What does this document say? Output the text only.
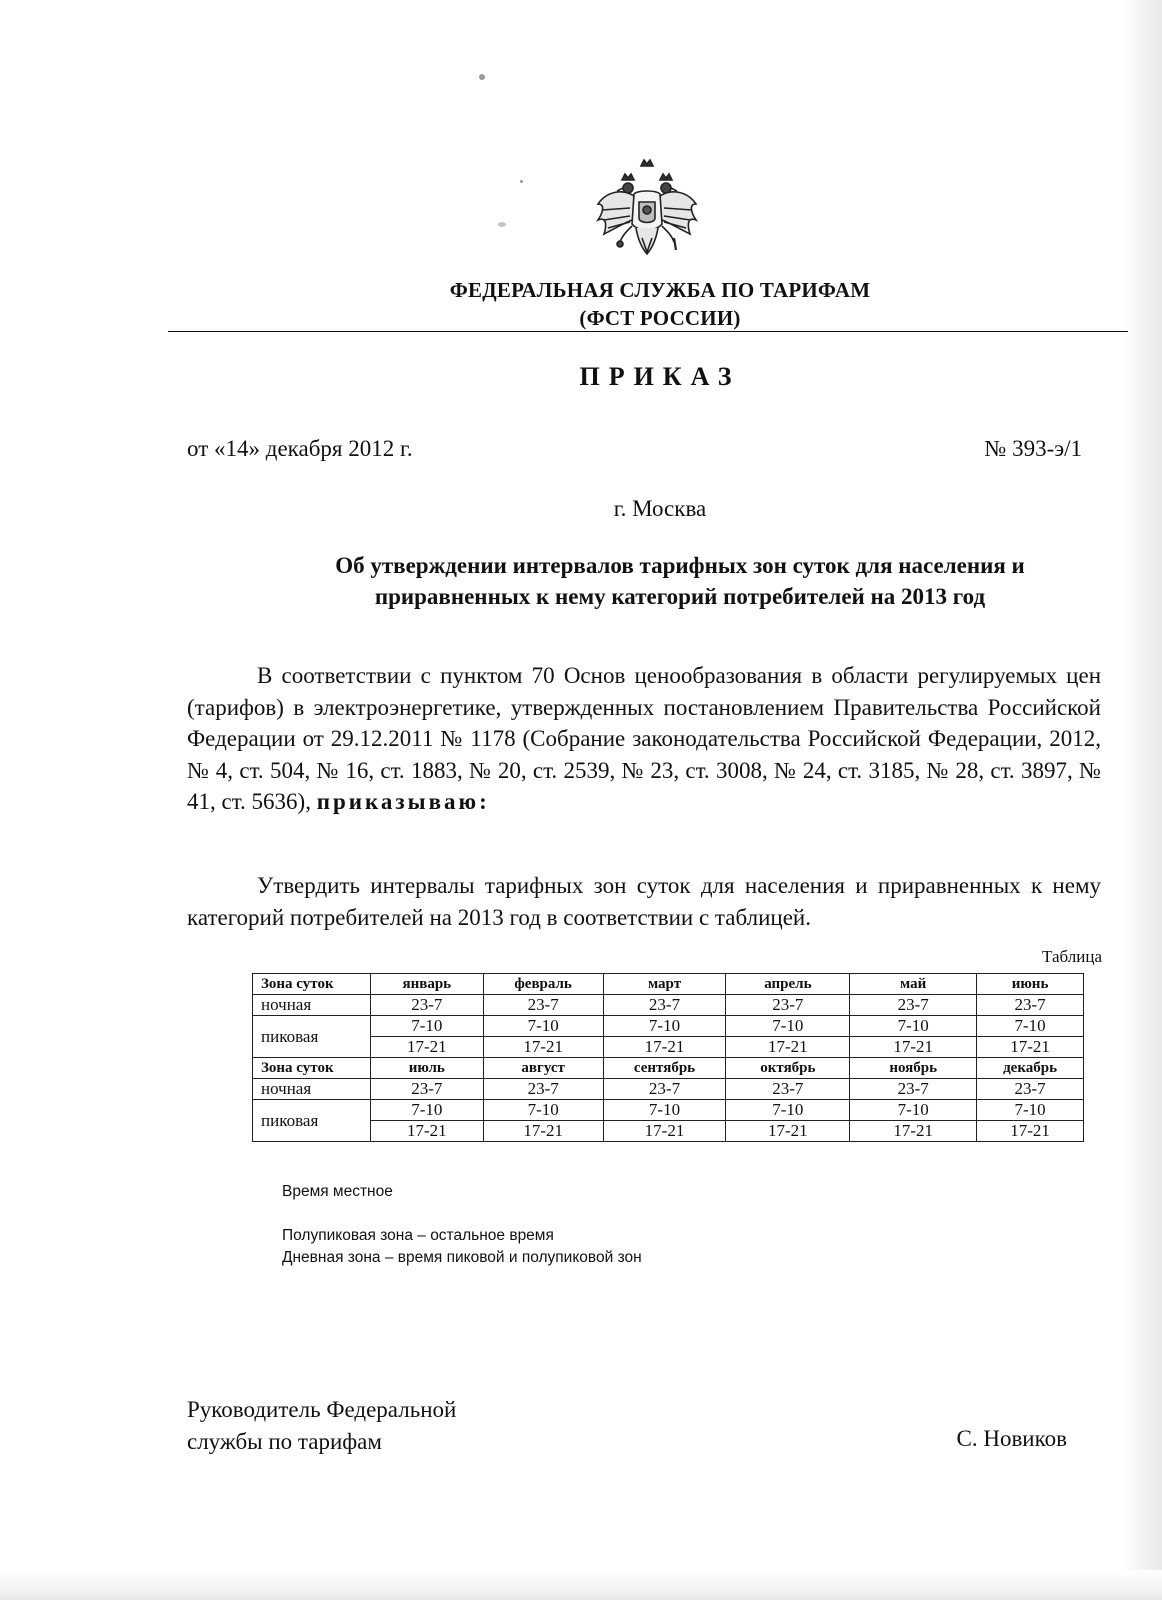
ФЕДЕРАЛЬНАЯ СЛУЖБА ПО ТАРИФАМ
(ФСТ РОССИИ)
ПРИКАЗ
от «14» декабря 2012 г.	№ 393-э/1
г. Москва
Об утверждении интервалов тарифных зон суток для населения и
приравненных к нему категорий потребителей на 2013 год
В соответствии с пунктом 70 Основ ценообразования в области регулируемых цен (тарифов) в электроэнергетике, утвержденных постановлением Правительства Российской Федерации от 29.12.2011 № 1178 (Собрание законодательства Российской Федерации, 2012, № 4, ст. 504, № 16, ст. 1883, № 20, ст. 2539, № 23, ст. 3008, № 24, ст. 3185, № 28, ст. 3897, № 41, ст. 5636), приказываю:
Утвердить интервалы тарифных зон суток для населения и приравненных к нему категорий потребителей на 2013 год в соответствии с таблицей.
Таблица
Зона суток	январь	февраль	март	апрель	май	июнь
ночная	23-7	23-7	23-7	23-7	23-7	23-7
пиковая	7-10	7-10	7-10	7-10	7-10	7-10
	17-21	17-21	17-21	17-21	17-21	17-21
Зона суток	июль	август	сентябрь	октябрь	ноябрь	декабрь
ночная	23-7	23-7	23-7	23-7	23-7	23-7
пиковая	7-10	7-10	7-10	7-10	7-10	7-10
	17-21	17-21	17-21	17-21	17-21	17-21
Время местное
Полупиковая зона – остальное время
Дневная зона – время пиковой и полупиковой зон
Руководитель Федеральной
службы по тарифам	С. Новиков
